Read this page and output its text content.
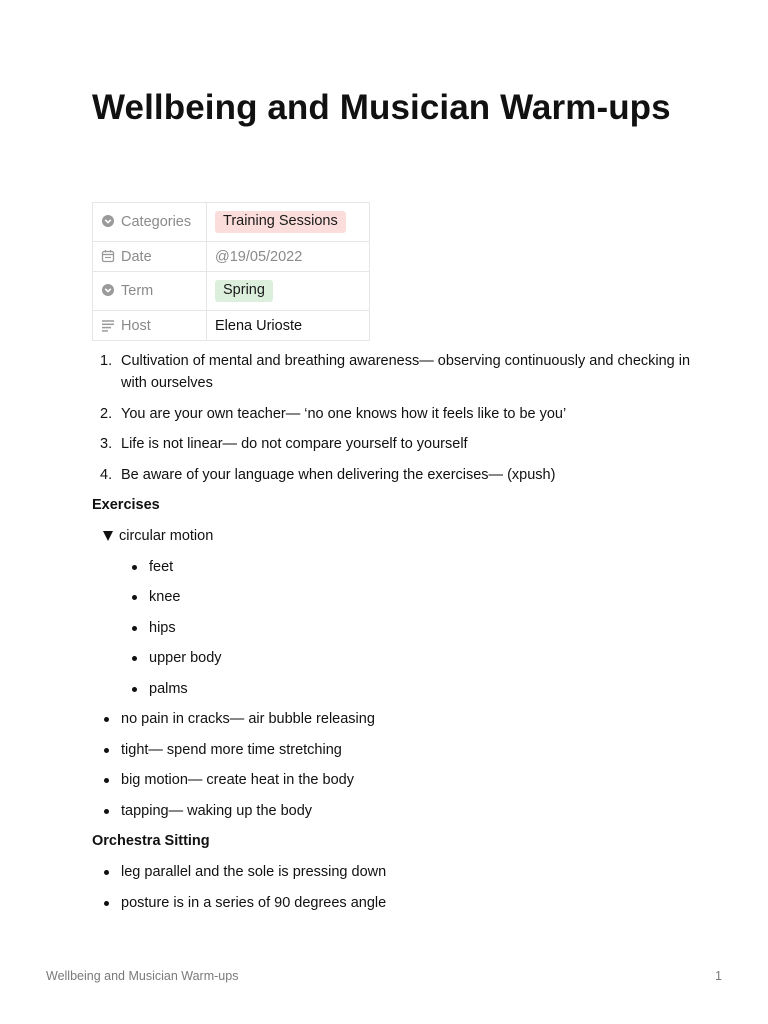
Wellbeing and Musician Warm-ups
Categories	Training Sessions
Date	@19/05/2022
Term	Spring
Host	Elena Urioste
1. Cultivation of mental and breathing awareness— observing continuously and checking in with ourselves
2. You are your own teacher— ‘no one knows how it feels like to be you’
3. Life is not linear— do not compare yourself to yourself
4. Be aware of your language when delivering the exercises— (xpush)
Exercises
circular motion
feet
knee
hips
upper body
palms
no pain in cracks— air bubble releasing
tight— spend more time stretching
big motion— create heat in the body
tapping— waking up the body
Orchestra Sitting
leg parallel and the sole is pressing down
posture is in a series of 90 degrees angle
Wellbeing and Musician Warm-ups	1
